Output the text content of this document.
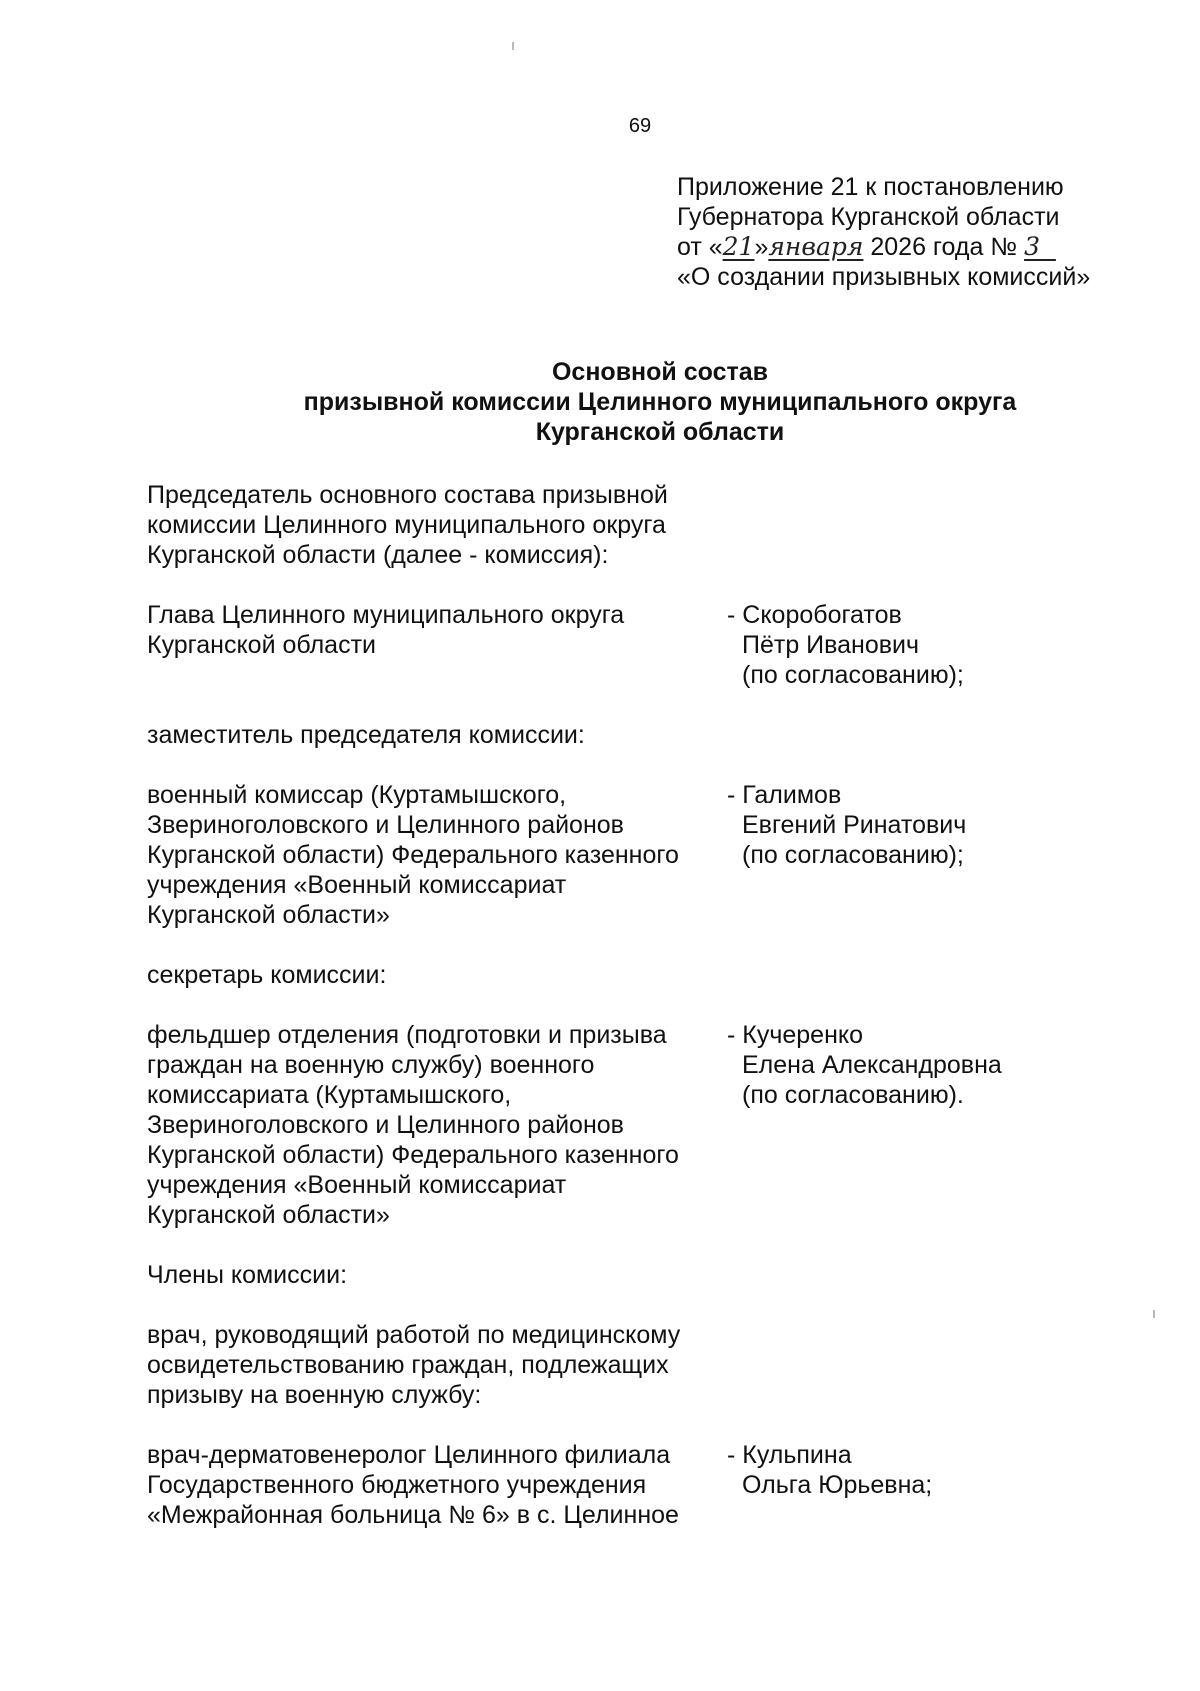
69
Приложение 21 к постановлению
Губернатора Курганской области
от «21»января 2026 года № 3
«О создании призывных комиссий»
Основной состав
призывной комиссии Целинного муниципального округа
Курганской области
Председатель основного состава призывной
комиссии Целинного муниципального округа
Курганской области (далее - комиссия):
Глава Целинного муниципального округа
Курганской области
- Скоробогатов
Пётр Иванович
(по согласованию);
заместитель председателя комиссии:
военный комиссар (Куртамышского,
Звериноголовского и Целинного районов
Курганской области) Федерального казенного
учреждения «Военный комиссариат
Курганской области»
- Галимов
Евгений Ринатович
(по согласованию);
секретарь комиссии:
фельдшер отделения (подготовки и призыва
граждан на военную службу) военного
комиссариата (Куртамышского,
Звериноголовского и Целинного районов
Курганской области) Федерального казенного
учреждения «Военный комиссариат
Курганской области»
- Кучеренко
Елена Александровна
(по согласованию).
Члены комиссии:
врач, руководящий работой по медицинскому
освидетельствованию граждан, подлежащих
призыву на военную службу:
врач-дерматовенеролог Целинного филиала
Государственного бюджетного учреждения
«Межрайонная больница № 6» в с. Целинное
- Кульпина
Ольга Юрьевна;
